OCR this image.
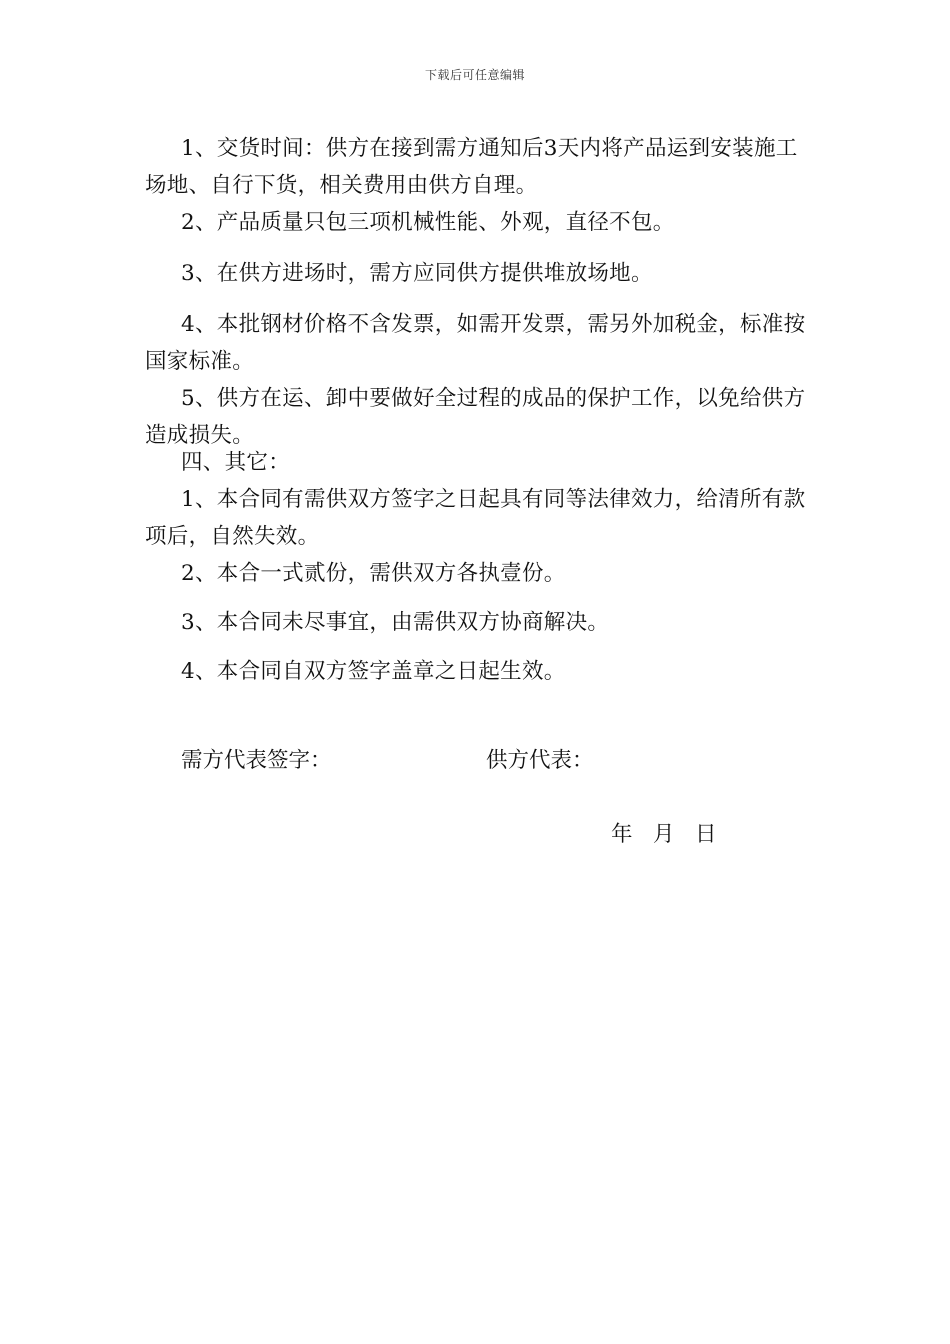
下载后可任意编辑

1、交货时间：供方在接到需方通知后3天内将产品运到安装施工场地、自行下货，相关费用由供方自理。

2、产品质量只包三项机械性能、外观，直径不包。

3、在供方进场时，需方应同供方提供堆放场地。

4、本批钢材价格不含发票，如需开发票，需另外加税金，标准按国家标准。

5、供方在运、卸中要做好全过程的成品的保护工作，以免给供方造成损失。

四、其它：

1、本合同有需供双方签字之日起具有同等法律效力，给清所有款项后，自然失效。

2、本合一式贰份，需供双方各执壹份。

3、本合同未尽事宜，由需供双方协商解决。

4、本合同自双方签字盖章之日起生效。

需方代表签字：	供方代表：
年   月   日
